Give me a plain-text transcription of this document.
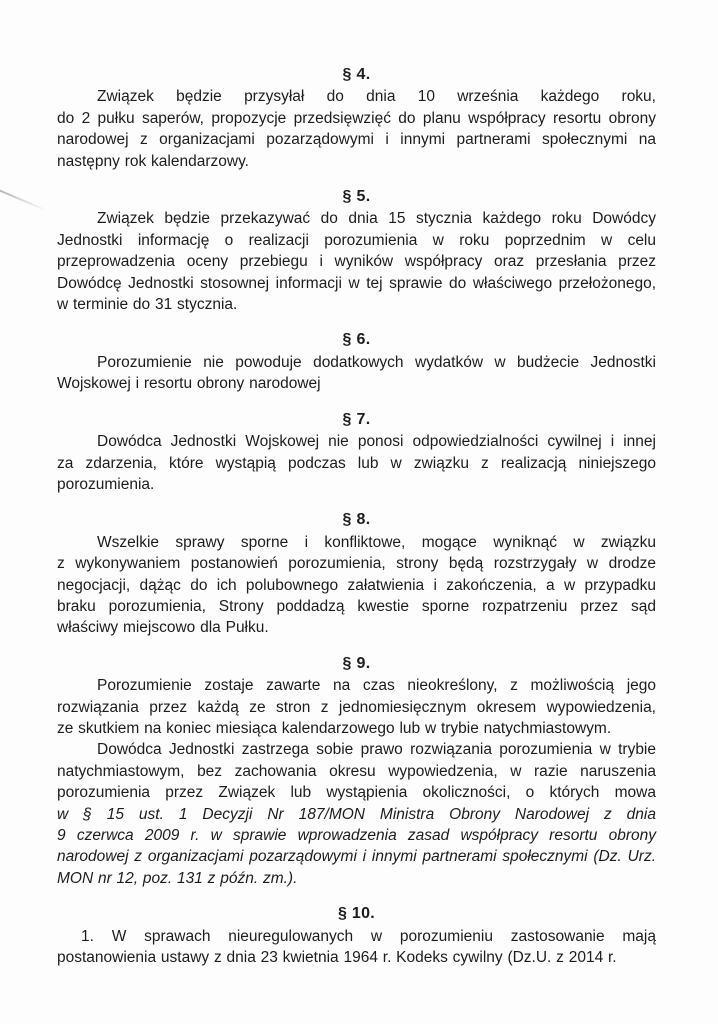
§ 4.
Związek będzie przysyłał do dnia 10 września każdego roku,
do 2 pułku saperów, propozycje przedsięwzięć do planu współpracy resortu obrony
narodowej z organizacjami pozarządowymi i innymi partnerami społecznymi na
następny rok kalendarzowy.
§ 5.
Związek będzie przekazywać do dnia 15 stycznia każdego roku Dowódcy
Jednostki informację o realizacji porozumienia w roku poprzednim w celu
przeprowadzenia oceny przebiegu i wyników współpracy oraz przesłania przez
Dowódcę Jednostki stosownej informacji w tej sprawie do właściwego przełożonego,
w terminie do 31 stycznia.
§ 6.
Porozumienie nie powoduje dodatkowych wydatków w budżecie Jednostki
Wojskowej i resortu obrony narodowej
§ 7.
Dowódca Jednostki Wojskowej nie ponosi odpowiedzialności cywilnej i innej
za zdarzenia, które wystąpią podczas lub w związku z realizacją niniejszego
porozumienia.
§ 8.
Wszelkie sprawy sporne i konfliktowe, mogące wyniknąć w związku
z wykonywaniem postanowień porozumienia, strony będą rozstrzygały w drodze
negocjacji, dążąc do ich polubownego załatwienia i zakończenia, a w przypadku
braku porozumienia, Strony poddadzą kwestie sporne rozpatrzeniu przez sąd
właściwy miejscowo dla Pułku.
§ 9.
Porozumienie zostaje zawarte na czas nieokreślony, z możliwością jego
rozwiązania przez każdą ze stron z jednomiesięcznym okresem wypowiedzenia,
ze skutkiem na koniec miesiąca kalendarzowego lub w trybie natychmiastowym.
Dowódca Jednostki zastrzega sobie prawo rozwiązania porozumienia w trybie
natychmiastowym, bez zachowania okresu wypowiedzenia, w razie naruszenia
porozumienia przez Związek lub wystąpienia okoliczności, o których mowa
w § 15 ust. 1 Decyzji Nr 187/MON Ministra Obrony Narodowej z dnia
9 czerwca 2009 r. w sprawie wprowadzenia zasad współpracy resortu obrony
narodowej z organizacjami pozarządowymi i innymi partnerami społecznymi (Dz. Urz.
MON nr 12, poz. 131 z późn. zm.).
§ 10.
1. W sprawach nieuregulowanych w porozumieniu zastosowanie mają
postanowienia ustawy z dnia 23 kwietnia 1964 r. Kodeks cywilny (Dz.U. z 2014 r.
